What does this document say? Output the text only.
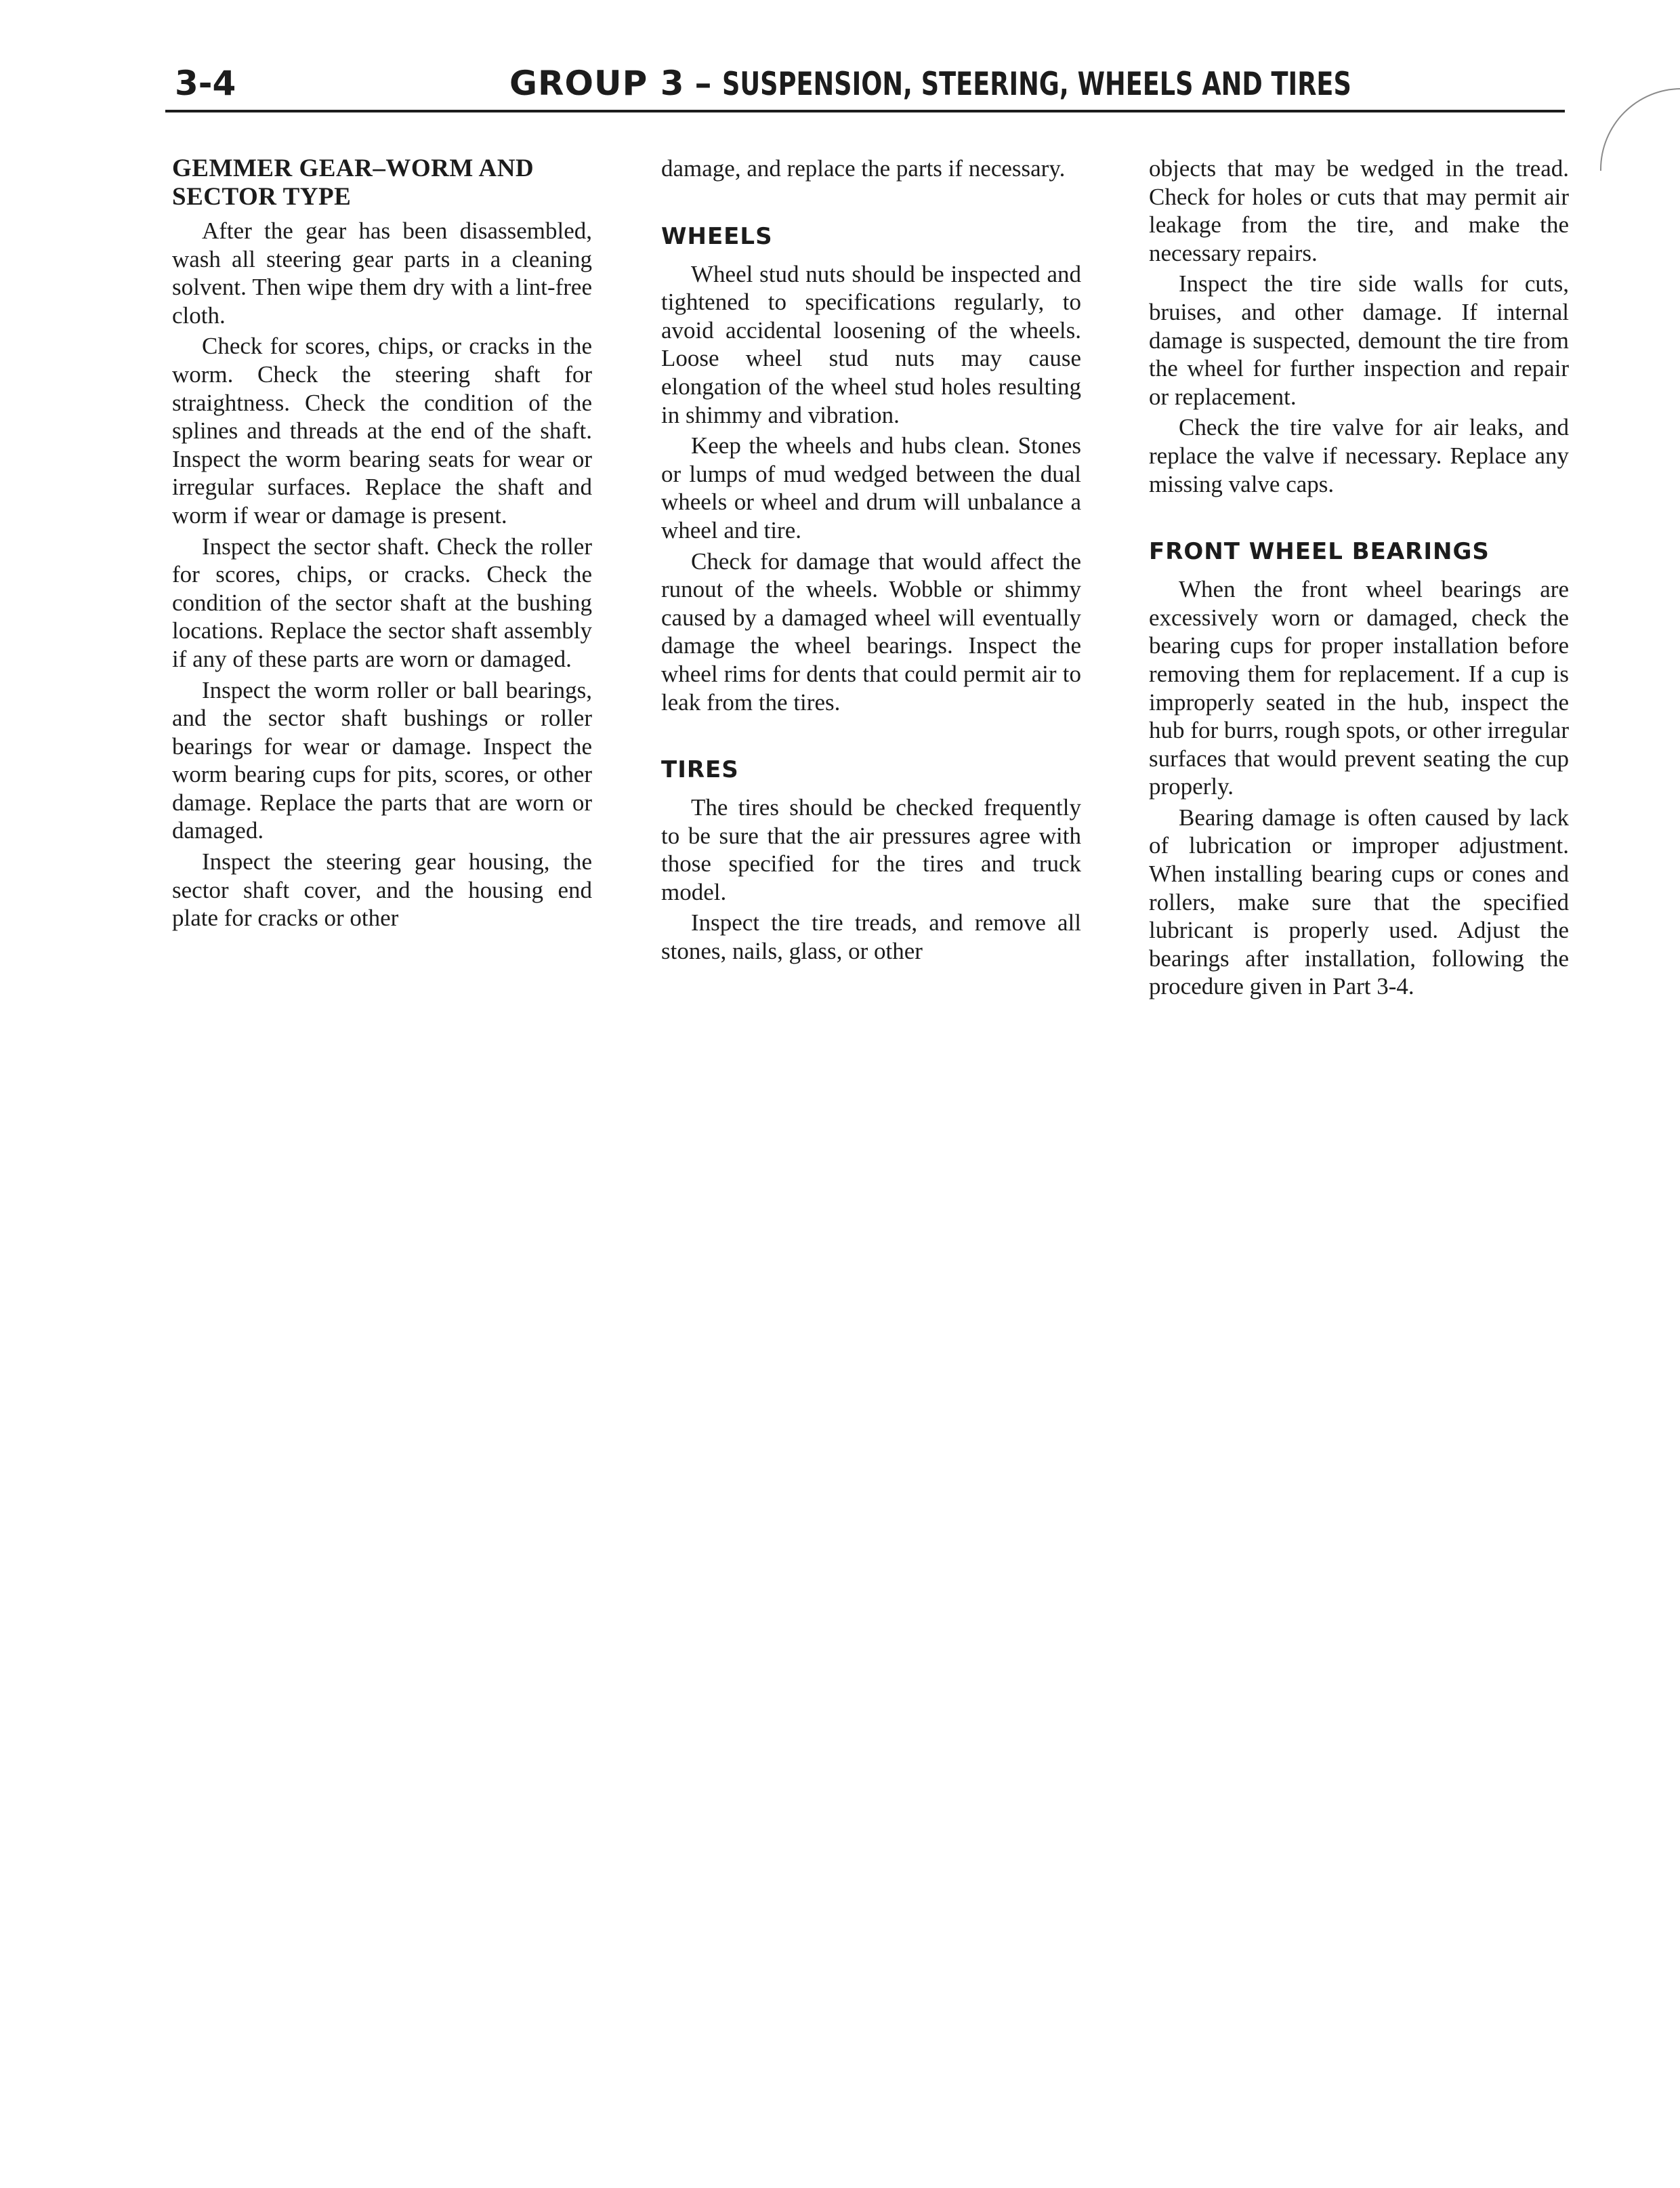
3-4	GROUP 3 – SUSPENSION, STEERING, WHEELS AND TIRES
GEMMER GEAR–WORM AND SECTOR TYPE

After the gear has been disassembled, wash all steering gear parts in a cleaning solvent. Then wipe them dry with a lint-free cloth.

Check for scores, chips, or cracks in the worm. Check the steering shaft for straightness. Check the condition of the splines and threads at the end of the shaft. Inspect the worm bearing seats for wear or irregular surfaces. Replace the shaft and worm if wear or damage is present.

Inspect the sector shaft. Check the roller for scores, chips, or cracks. Check the condition of the sector shaft at the bushing locations. Replace the sector shaft assembly if any of these parts are worn or damaged.

Inspect the worm roller or ball bearings, and the sector shaft bushings or roller bearings for wear or damage. Inspect the worm bearing cups for pits, scores, or other damage. Replace the parts that are worn or damaged.

Inspect the steering gear housing, the sector shaft cover, and the housing end plate for cracks or other

damage, and replace the parts if necessary.

WHEELS

Wheel stud nuts should be inspected and tightened to specifications regularly, to avoid accidental loosening of the wheels. Loose wheel stud nuts may cause elongation of the wheel stud holes resulting in shimmy and vibration.

Keep the wheels and hubs clean. Stones or lumps of mud wedged between the dual wheels or wheel and drum will unbalance a wheel and tire.

Check for damage that would affect the runout of the wheels. Wobble or shimmy caused by a damaged wheel will eventually damage the wheel bearings. Inspect the wheel rims for dents that could permit air to leak from the tires.

TIRES

The tires should be checked frequently to be sure that the air pressures agree with those specified for the tires and truck model.

Inspect the tire treads, and remove all stones, nails, glass, or other

objects that may be wedged in the tread. Check for holes or cuts that may permit air leakage from the tire, and make the necessary repairs.

Inspect the tire side walls for cuts, bruises, and other damage. If internal damage is suspected, demount the tire from the wheel for further inspection and repair or replacement.

Check the tire valve for air leaks, and replace the valve if necessary. Replace any missing valve caps.

FRONT WHEEL BEARINGS

When the front wheel bearings are excessively worn or damaged, check the bearing cups for proper installation before removing them for replacement. If a cup is improperly seated in the hub, inspect the hub for burrs, rough spots, or other irregular surfaces that would prevent seating the cup properly.

Bearing damage is often caused by lack of lubrication or improper adjustment. When installing bearing cups or cones and rollers, make sure that the specified lubricant is properly used. Adjust the bearings after installation, following the procedure given in Part 3-4.
